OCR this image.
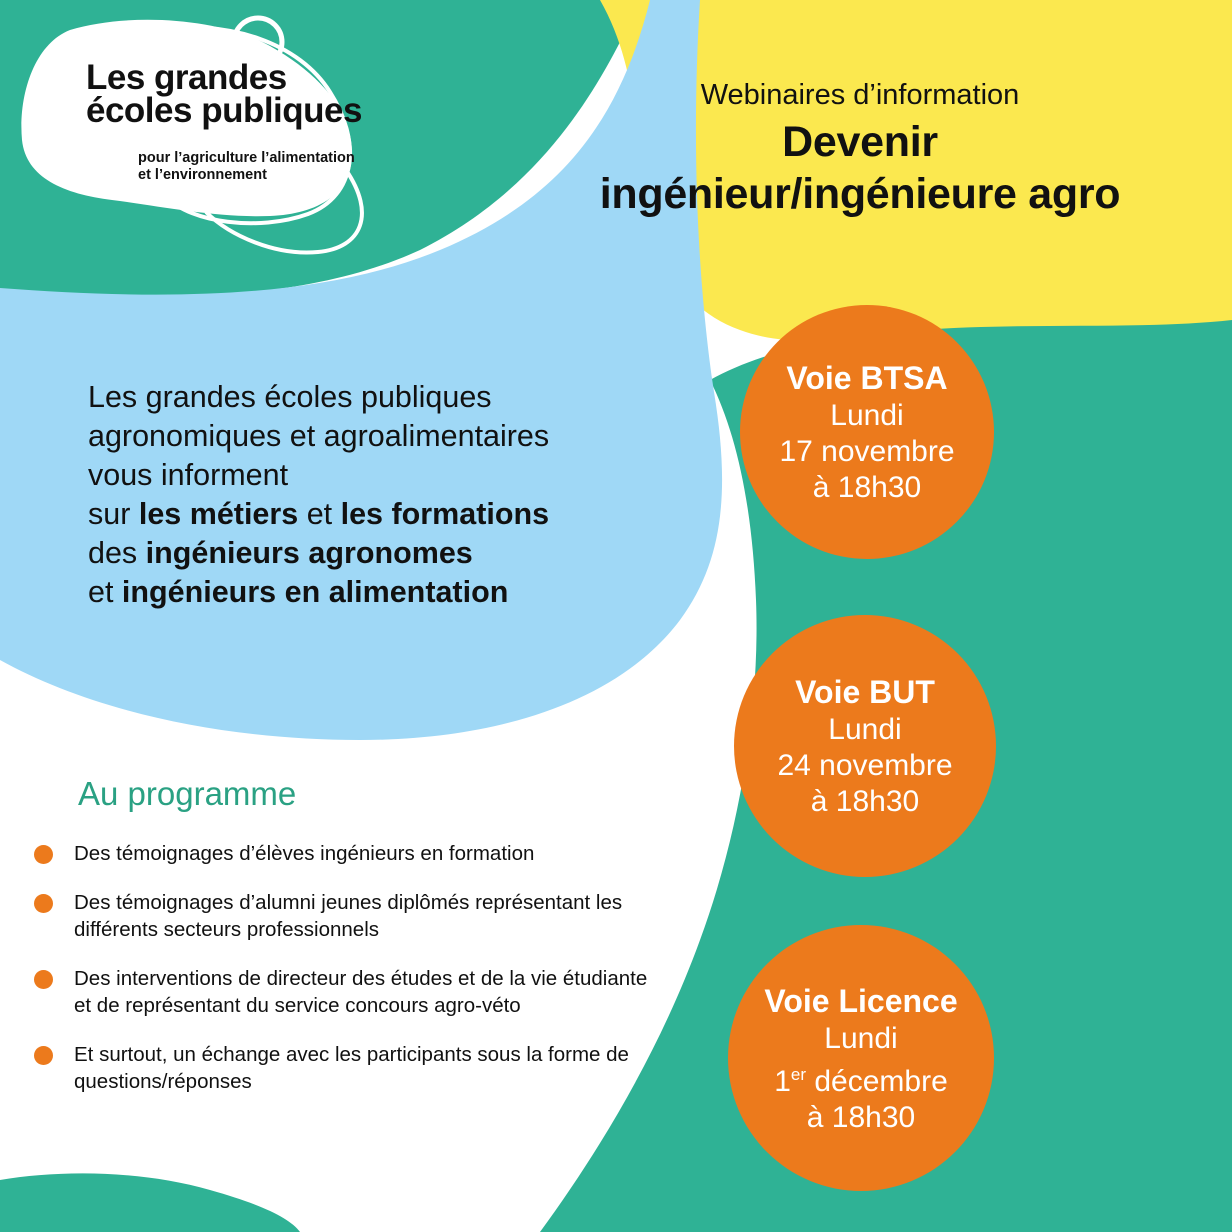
Les grandes
écoles publiques
pour l’agriculture l’alimentation et l’environnement
Webinaires d’information
Devenir
ingénieur/ingénieure agro
Les grandes écoles publiques
agronomiques et agroalimentaires
vous informent
sur les métiers et les formations
des ingénieurs agronomes
et ingénieurs en alimentation
Au programme
Des témoignages d’élèves ingénieurs en formation
Des témoignages d’alumni jeunes diplômés représentant les différents secteurs professionnels
Des interventions de directeur des études et de la vie étudiante et de représentant du service concours agro-véto
Et surtout, un échange avec les participants sous la forme de questions/réponses
Voie BTSA
Lundi
17 novembre
à 18h30
Voie BUT
Lundi
24 novembre
à 18h30
Voie Licence
Lundi
1er décembre
à 18h30
